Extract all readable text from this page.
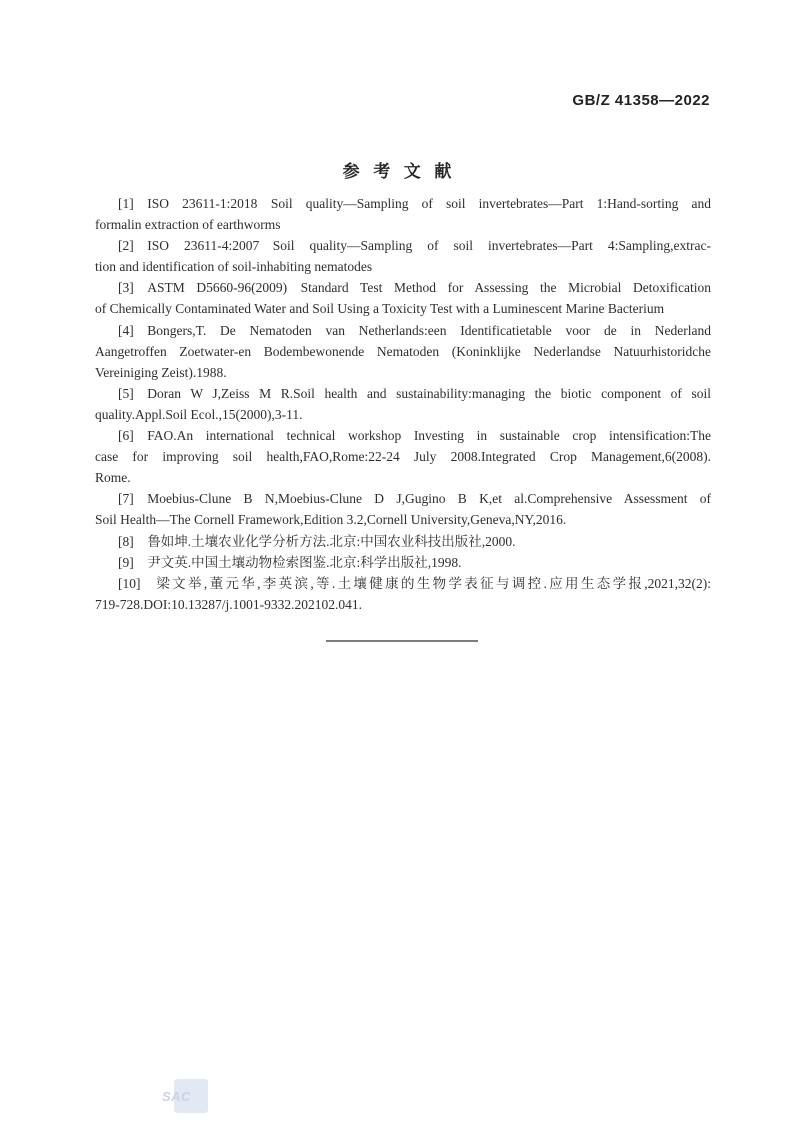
GB/Z 41358—2022
参考文献
[1]  ISO 23611-1:2018  Soil quality—Sampling of soil invertebrates—Part 1:Hand-sorting and
formalin extraction of earthworms
[2]  ISO 23611-4:2007  Soil quality—Sampling of soil invertebrates—Part 4:Sampling,extrac-
tion and identification of soil-inhabiting nematodes
[3]  ASTM D5660-96(2009)  Standard Test Method for Assessing the Microbial Detoxification
of Chemically Contaminated Water and Soil Using a Toxicity Test with a Luminescent Marine Bacterium
[4]  Bongers,T. De Nematoden van Netherlands:een Identificatietable voor de in Nederland
Aangetroffen Zoetwater-en Bodembewonende Nematoden (Koninklijke Nederlandse Natuurhistoridche
Vereiniging Zeist).1988.
[5]  Doran W J,Zeiss M R.Soil health and sustainability:managing the biotic component of soil
quality.Appl.Soil Ecol.,15(2000),3-11.
[6]  FAO.An international technical workshop Investing in sustainable crop intensification:The
case for improving soil health,FAO,Rome:22-24 July 2008.Integrated Crop Management,6(2008).
Rome.
[7]  Moebius-Clune B N,Moebius-Clune D J,Gugino B K,et al.Comprehensive Assessment of
Soil Health—The Cornell Framework,Edition 3.2,Cornell University,Geneva,NY,2016.
[8]  鲁如坤.土壤农业化学分析方法.北京:中国农业科技出版社,2000.
[9]  尹文英.中国土壤动物检索图鉴.北京:科学出版社,1998.
[10]  梁文举,董元华,李英滨,等.土壤健康的生物学表征与调控.应用生态学报,2021,32(2):
719-728.DOI:10.13287/j.1001-9332.202102.041.
SAC
